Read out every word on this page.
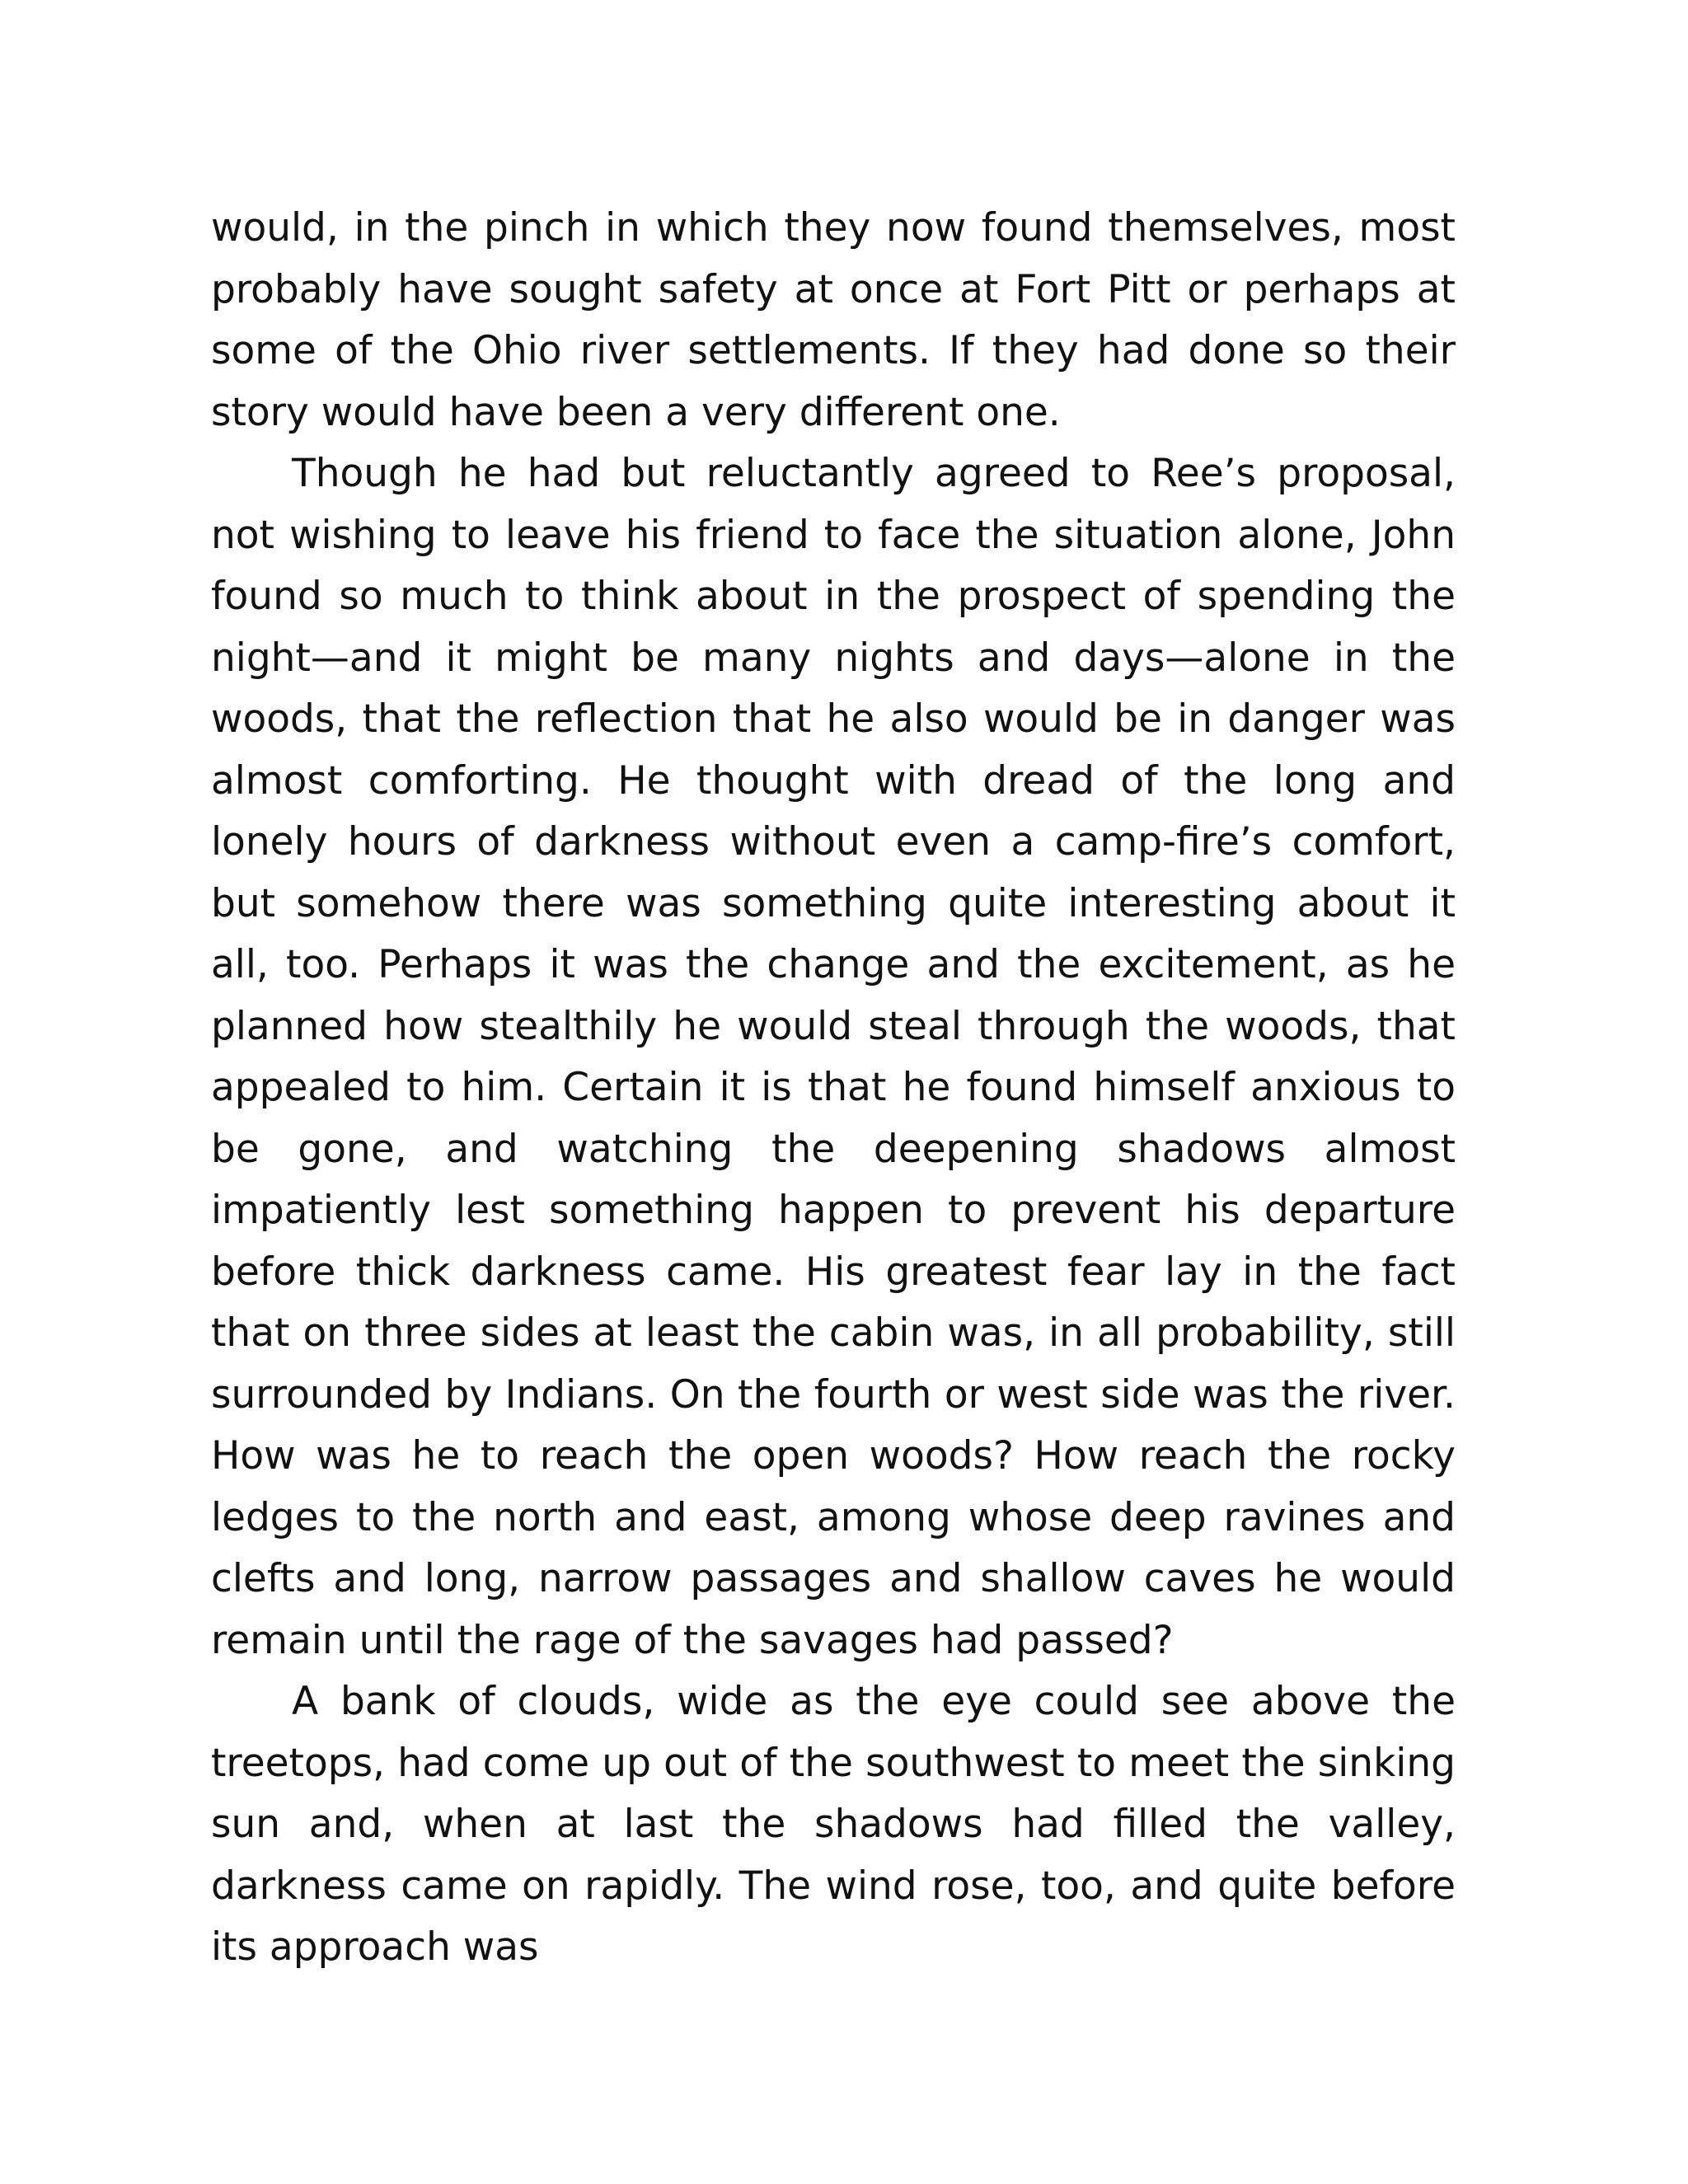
would, in the pinch in which they now found themselves, most probably have sought safety at once at Fort Pitt or perhaps at some of the Ohio river settlements. If they had done so their story would have been a very different one.

Though he had but reluctantly agreed to Ree’s proposal, not wishing to leave his friend to face the situation alone, John found so much to think about in the prospect of spending the night—and it might be many nights and days—alone in the woods, that the reflection that he also would be in danger was almost comforting. He thought with dread of the long and lonely hours of darkness without even a camp-fire’s comfort, but somehow there was something quite interesting about it all, too. Perhaps it was the change and the excitement, as he planned how stealthily he would steal through the woods, that appealed to him. Certain it is that he found himself anxious to be gone, and watching the deepening shadows almost impatiently lest something happen to prevent his departure before thick darkness came. His greatest fear lay in the fact that on three sides at least the cabin was, in all probability, still surrounded by Indians. On the fourth or west side was the river. How was he to reach the open woods? How reach the rocky ledges to the north and east, among whose deep ravines and clefts and long, narrow passages and shallow caves he would remain until the rage of the savages had passed?

A bank of clouds, wide as the eye could see above the treetops, had come up out of the southwest to meet the sinking sun and, when at last the shadows had filled the valley, darkness came on rapidly. The wind rose, too, and quite before its approach was
